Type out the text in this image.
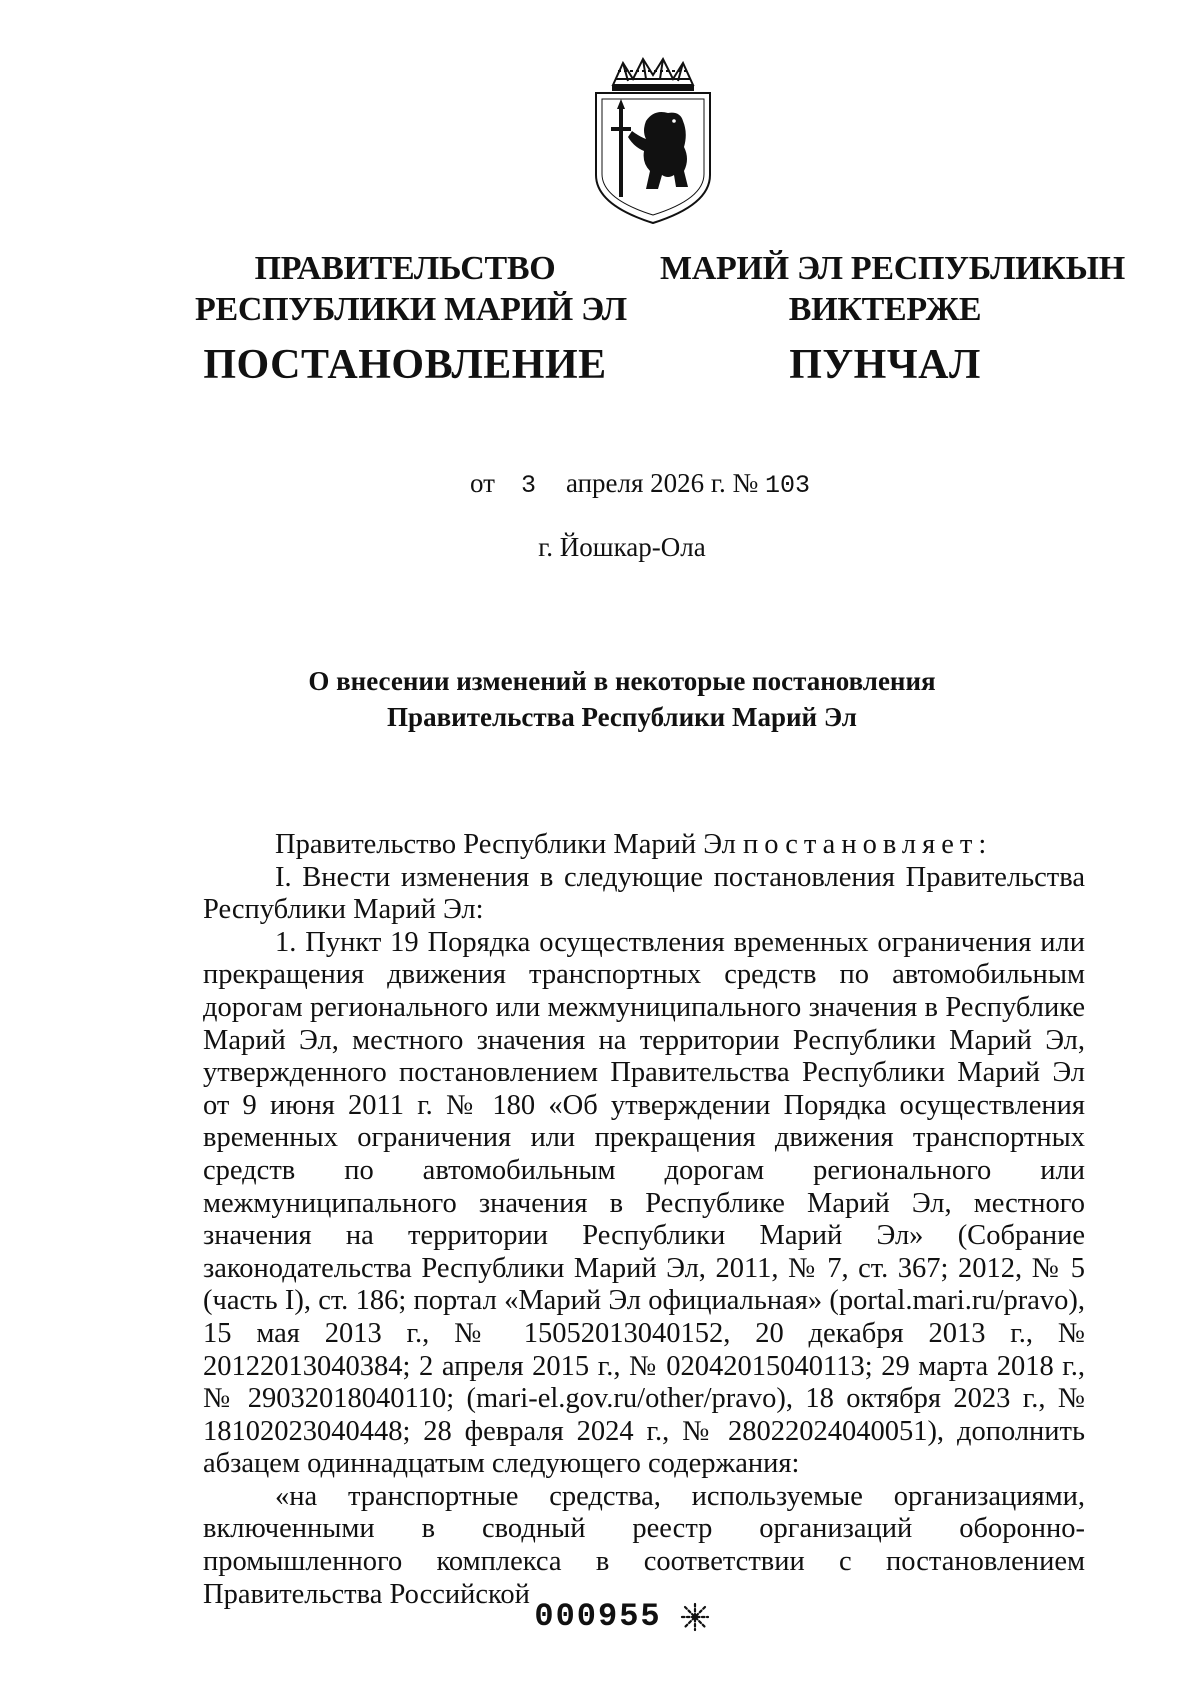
ПРАВИТЕЛЬСТВО
РЕСПУБЛИКИ МАРИЙ ЭЛ
ПОСТАНОВЛЕНИЕ
МАРИЙ ЭЛ РЕСПУБЛИКЫН
ВИКТЕРЖЕ
ПУНЧАЛ
от 3 апреля 2026 г. № 103
г. Йошкар-Ола
О внесении изменений в некоторые постановления
Правительства Республики Марий Эл

Правительство Республики Марий Эл постановляет:

I. Внести изменения в следующие постановления Правительства Республики Марий Эл:

1. Пункт 19 Порядка осуществления временных ограничения или прекращения движения транспортных средств по автомобильным дорогам регионального или межмуниципального значения в Республике Марий Эл, местного значения на территории Республики Марий Эл, утвержденного постановлением Правительства Республики Марий Эл от 9 июня 2011 г. № 180 «Об утверждении Порядка осуществления временных ограничения или прекращения движения транспортных средств по автомобильным дорогам регионального или межмуниципального значения в Республике Марий Эл, местного значения на территории Республики Марий Эл» (Собрание законодательства Республики Марий Эл, 2011, № 7, ст. 367; 2012, № 5 (часть I), ст. 186; портал «Марий Эл официальная» (portal.mari.ru/pravo), 15 мая 2013 г., № 15052013040152, 20 декабря 2013 г., № 20122013040384; 2 апреля 2015 г., № 02042015040113; 29 марта 2018 г., № 29032018040110; (mari-el.gov.ru/other/pravo), 18 октября 2023 г., № 18102023040448; 28 февраля 2024 г., № 28022024040051), дополнить абзацем одиннадцатым следующего содержания:

«на транспортные средства, используемые организациями, включенными в сводный реестр организаций оборонно-промышленного комплекса в соответствии с постановлением Правительства Российской

000955
